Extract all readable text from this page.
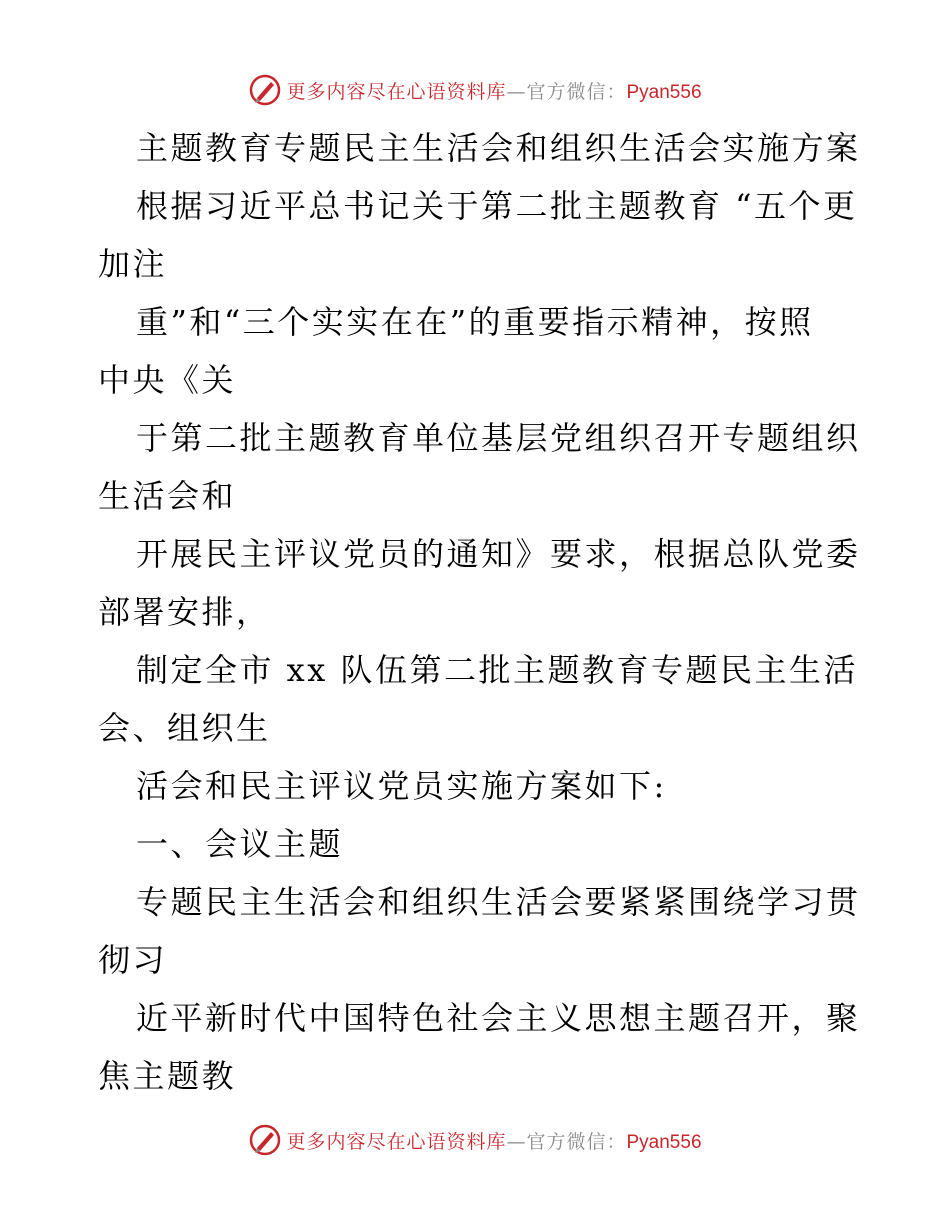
更多内容尽在心语资料库—官方微信：Pyan556
主题教育专题民主生活会和组织生活会实施方案
根据习近平总书记关于第二批主题教育 “五个更
加注
重”和“三个实实在在”的重要指示精神，按照
中央《关
于第二批主题教育单位基层党组织召开专题组织
生活会和
开展民主评议党员的通知》要求，根据总队党委
部署安排，
制定全市 xx 队伍第二批主题教育专题民主生活
会、组织生
活会和民主评议党员实施方案如下:
一、会议主题
专题民主生活会和组织生活会要紧紧围绕学习贯
彻习
近平新时代中国特色社会主义思想主题召开，聚
焦主题教
更多内容尽在心语资料库—官方微信：Pyan556
